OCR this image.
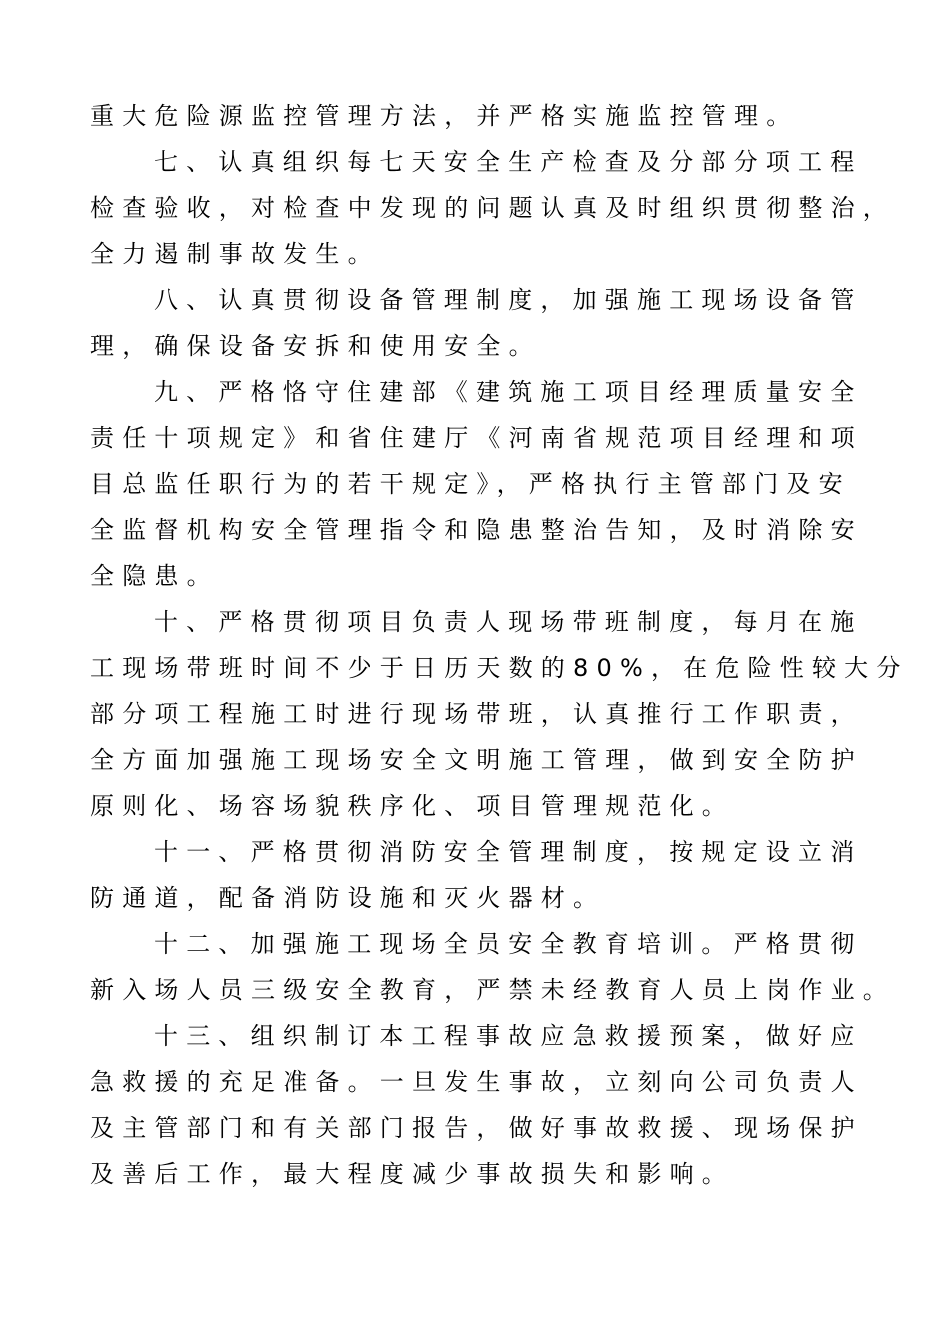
重大危险源监控管理方法，并严格实施监控管理。
七、认真组织每七天安全生产检查及分部分项工程
检查验收，对检查中发现的问题认真及时组织贯彻整治，
全力遏制事故发生。
八、认真贯彻设备管理制度，加强施工现场设备管
理，确保设备安拆和使用安全。
九、严格恪守住建部《建筑施工项目经理质量安全
责任十项规定》和省住建厅《河南省规范项目经理和项
目总监任职行为的若干规定》，严格执行主管部门及安
全监督机构安全管理指令和隐患整治告知，及时消除安
全隐患。
十、严格贯彻项目负责人现场带班制度，每月在施
工现场带班时间不少于日历天数的80%，在危险性较大分
部分项工程施工时进行现场带班，认真推行工作职责，
全方面加强施工现场安全文明施工管理，做到安全防护
原则化、场容场貌秩序化、项目管理规范化。
十一、严格贯彻消防安全管理制度，按规定设立消
防通道，配备消防设施和灭火器材。
十二、加强施工现场全员安全教育培训。严格贯彻
新入场人员三级安全教育，严禁未经教育人员上岗作业。
十三、组织制订本工程事故应急救援预案，做好应
急救援的充足准备。一旦发生事故，立刻向公司负责人
及主管部门和有关部门报告，做好事故救援、现场保护
及善后工作，最大程度减少事故损失和影响。
